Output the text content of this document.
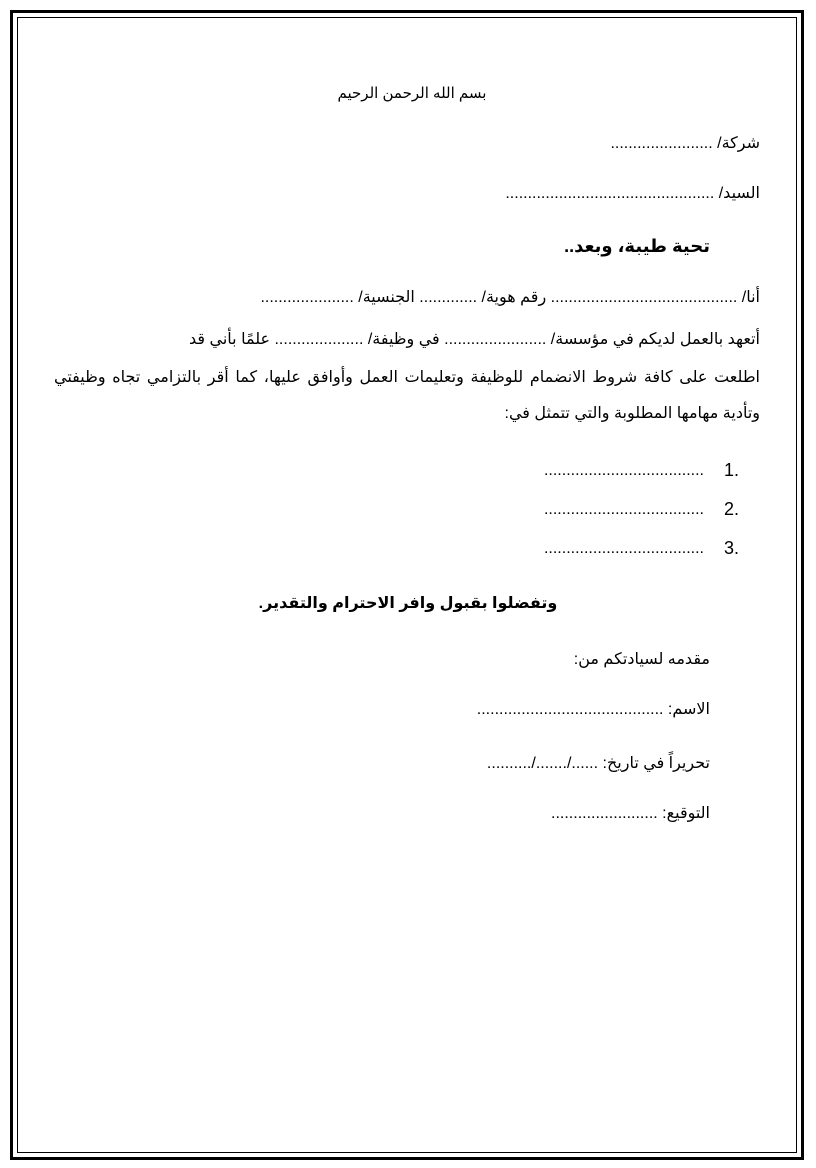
بسم الله الرحمن الرحيم
شركة/ .......................
السيد/ ...............................................
تحية طيبة، وبعد..
أنا/ .......................................... رقم هوية/ ............. الجنسية/ .....................
أتعهد بالعمل لديكم في مؤسسة/ ....................... في وظيفة/ .................... علمًا بأني قد
اطلعت على كافة شروط الانضمام للوظيفة وتعليمات العمل وأوافق عليها، كما أقر بالتزامي تجاه وظيفتي وتأدية مهامها المطلوبة والتي تتمثل في:
1.
....................................
2.
....................................
3.
....................................
وتفضلوا بقبول وافر الاحترام والتقدير.
مقدمه لسيادتكم من:
الاسم: ..........................................
تحريراً في تاريخ: ....../......./..........
التوقيع: ........................
